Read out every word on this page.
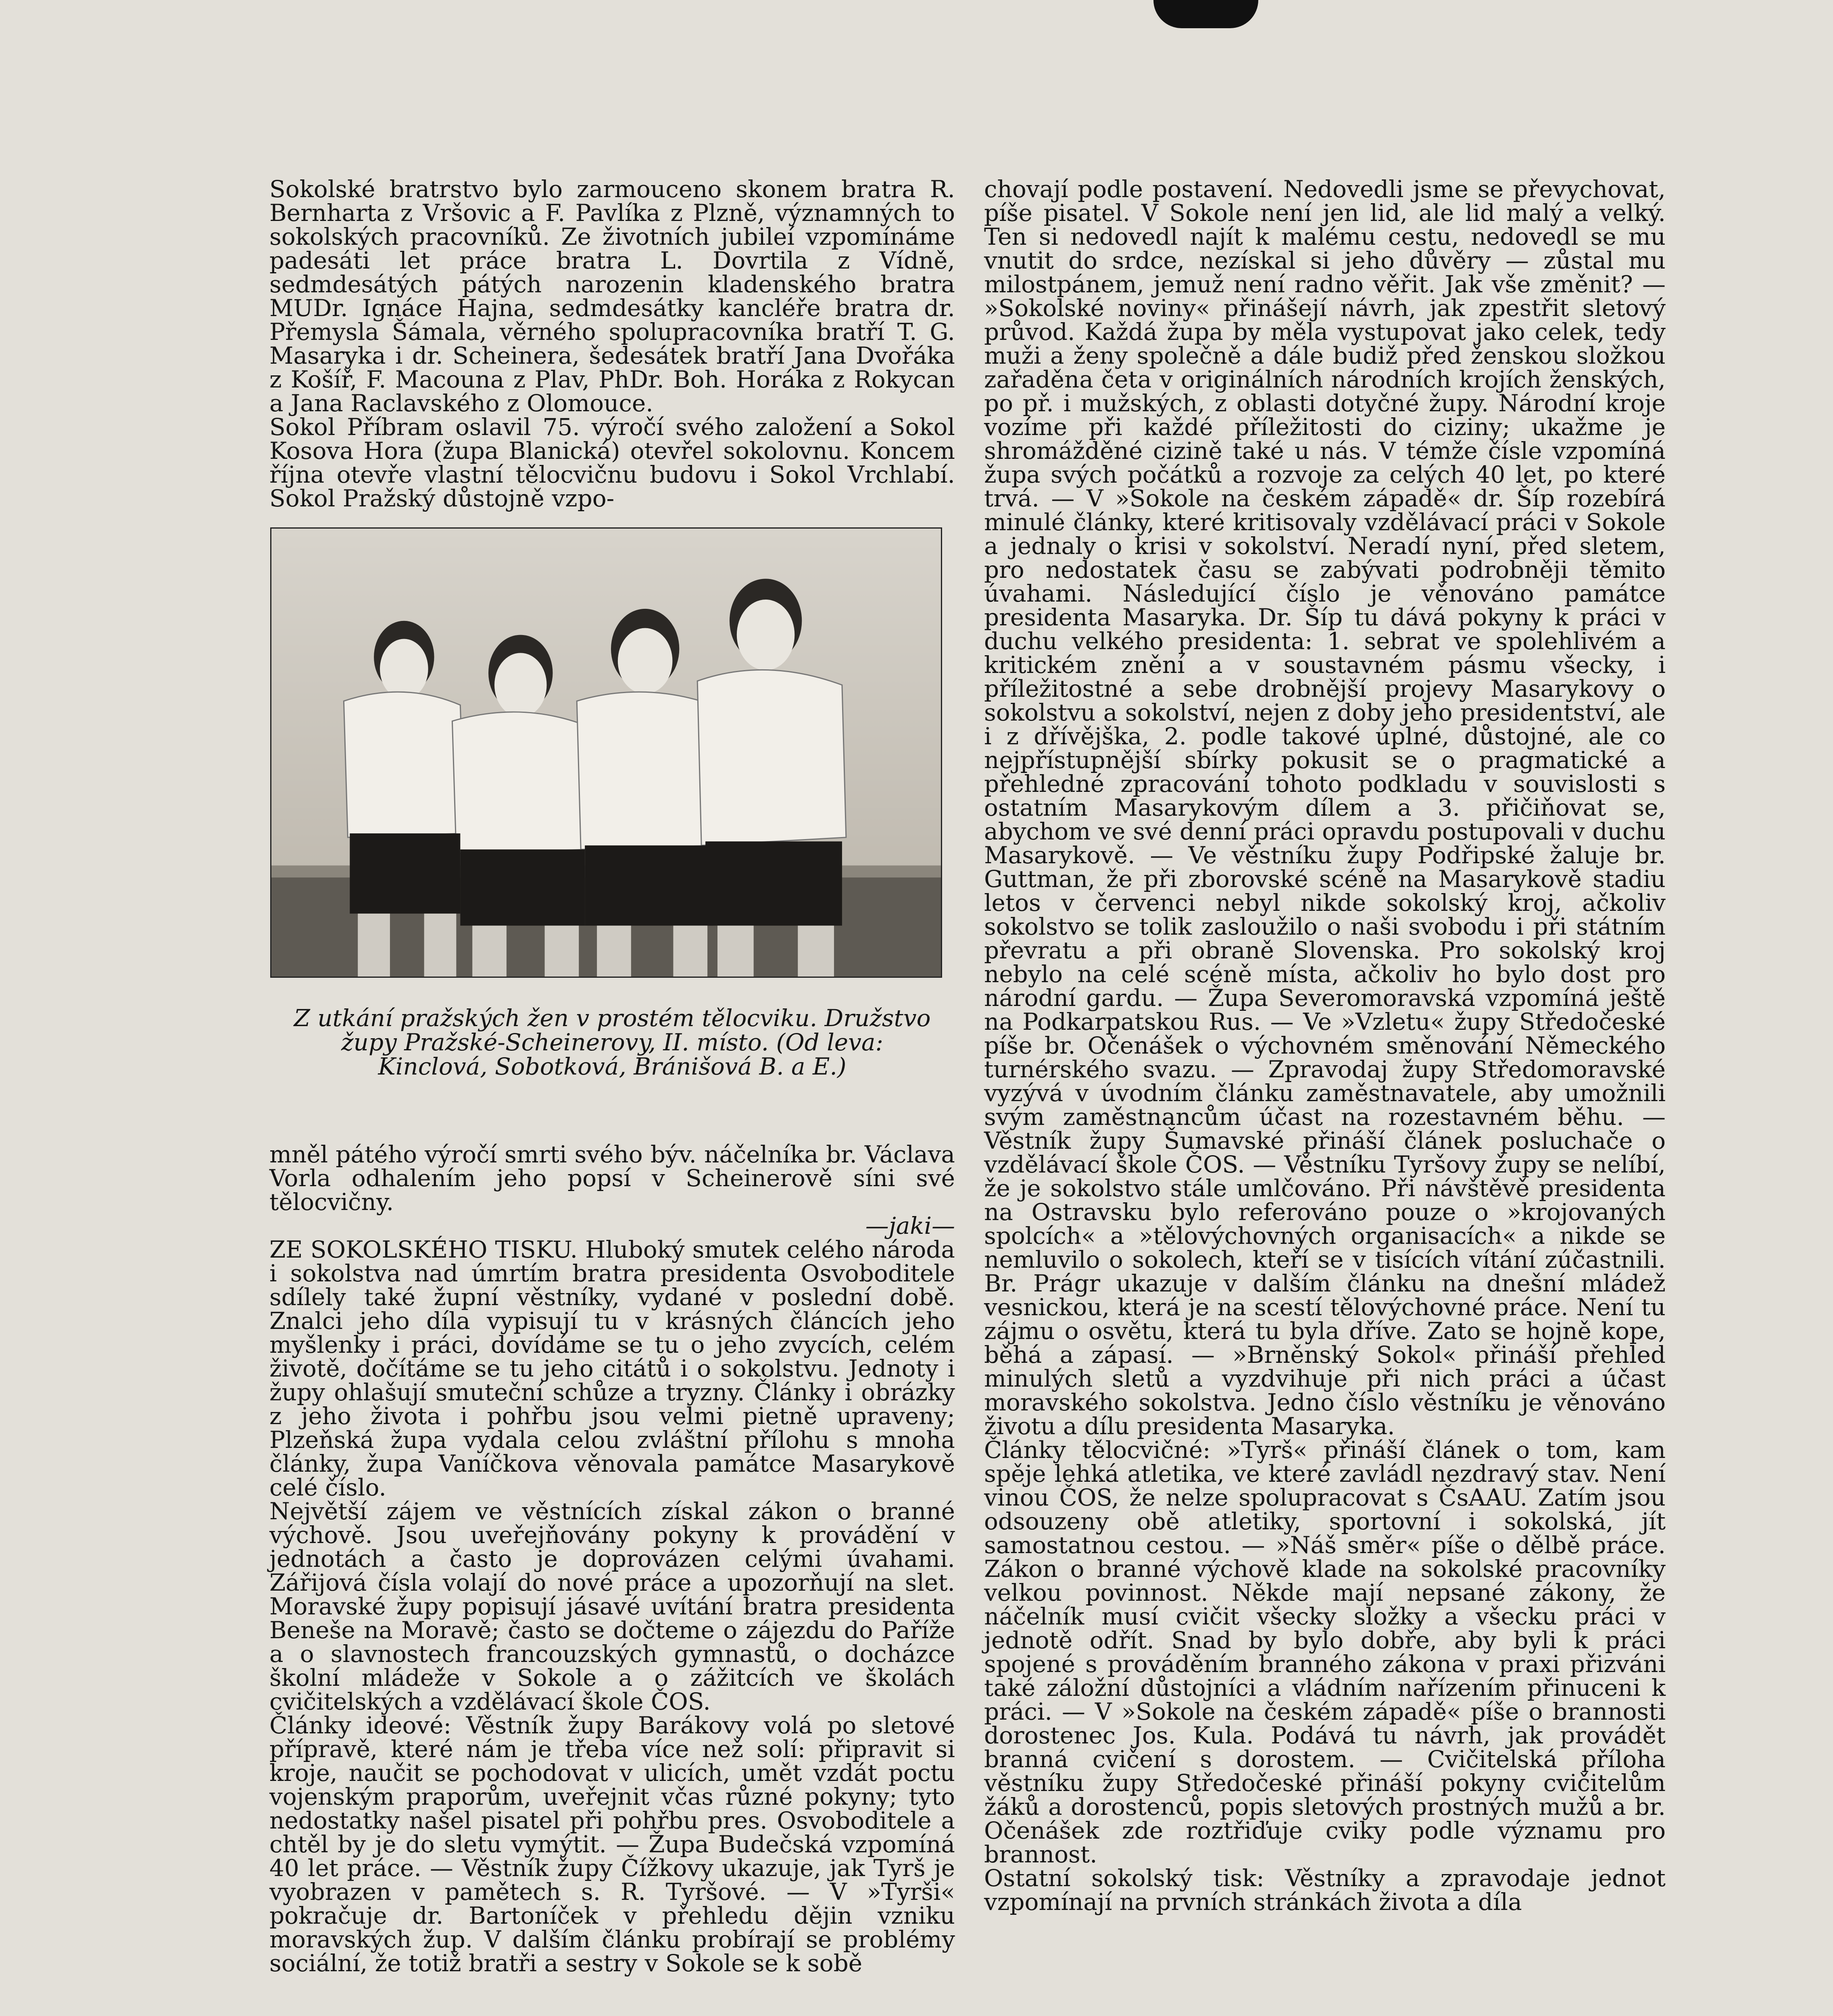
Sokolské bratrstvo bylo zarmouceno skonem bratra R. Bernharta z Vršovic a F. Pavlíka z Plzně, významných to sokolských pracovníků. Ze životních jubileí vzpomínáme padesáti let práce bratra L. Dovrtila z Vídně, sedmdesátých pátých narozenin kladenského bratra MUDr. Ignáce Hajna, sedmdesátky kancléře bratra dr. Přemysla Šámala, věrného spolupracovníka bratří T. G. Masaryka i dr. Scheinera, šedesátek bratří Jana Dvořáka z Košíř, F. Macouna z Plav, PhDr. Boh. Horáka z Rokycan a Jana Raclavského z Olomouce.

Sokol Příbram oslavil 75. výročí svého založení a Sokol Kosova Hora (župa Blanická) otevřel sokolovnu. Koncem října otevře vlastní tělocvičnu budovu i Sokol Vrchlabí. Sokol Pražský důstojně vzpo-

Z utkání pražských žen v prostém tělocviku. Družstvo
župy Pražské-Scheinerovy, II. místo. (Od leva:
Kinclová, Sobotková, Bránišová B. a E.)

mněl pátého výročí smrti svého býv. náčelníka br. Václava Vorla odhalením jeho popsí v Scheinerově síni své tělocvičny.
—jaki—

ZE SOKOLSKÉHO TISKU. Hluboký smutek celého národa i sokolstva nad úmrtím bratra presidenta Osvoboditele sdílely také župní věstníky, vydané v poslední době. Znalci jeho díla vypisují tu v krásných článcích jeho myšlenky i práci, dovídáme se tu o jeho zvycích, celém životě, dočítáme se tu jeho citátů i o sokolstvu. Jednoty i župy ohlašují smuteční schůze a tryzny. Články i obrázky z jeho života i pohřbu jsou velmi pietně upraveny; Plzeňská župa vydala celou zvláštní přílohu s mnoha články, župa Vaníčkova věnovala památce Masarykově celé číslo.

Největší zájem ve věstnících získal zákon o branné výchově. Jsou uveřejňovány pokyny k provádění v jednotách a často je doprovázen celými úvahami. Zářijová čísla volají do nové práce a upozorňují na slet. Moravské župy popisují jásavé uvítání bratra presidenta Beneše na Moravě; často se dočteme o zájezdu do Paříže a o slavnostech francouzských gymnastů, o docházce školní mládeže v Sokole a o zážitcích ve školách cvičitelských a vzdělávací škole ČOS.

Články ideové: Věstník župy Barákovy volá po sletové přípravě, které nám je třeba více než solí: připravit si kroje, naučit se pochodovat v ulicích, umět vzdát poctu vojenským praporům, uveřejnit včas různé pokyny; tyto nedostatky našel pisatel při pohřbu pres. Osvoboditele a chtěl by je do sletu vymýtit. — Župa Budečská vzpomíná 40 let práce. — Věstník župy Čížkovy ukazuje, jak Tyrš je vyobrazen v pamětech s. R. Tyršové. — V »Tyrši« pokračuje dr. Bartoníček v přehledu dějin vzniku moravských žup. V dalším článku probírají se problémy sociální, že totiž bratři a sestry v Sokole se k sobě

chovají podle postavení. Nedovedli jsme se převychovat, píše pisatel. V Sokole není jen lid, ale lid malý a velký. Ten si nedovedl najít k malému cestu, nedovedl se mu vnutit do srdce, nezískal si jeho důvěry — zůstal mu milostpánem, jemuž není radno věřit. Jak vše změnit? — »Sokolské noviny« přinášejí návrh, jak zpestřit sletový průvod. Každá župa by měla vystupovat jako celek, tedy muži a ženy společně a dále budiž před ženskou složkou zařaděna četa v originálních národních krojích ženských, po př. i mužských, z oblasti dotyčné župy. Národní kroje vozíme při každé příležitosti do ciziny; ukažme je shromážděné cizině také u nás. V témže čísle vzpomíná župa svých počátků a rozvoje za celých 40 let, po které trvá. — V »Sokole na českém západě« dr. Šíp rozebírá minulé články, které kritisovaly vzdělávací práci v Sokole a jednaly o krisi v sokolství. Neradí nyní, před sletem, pro nedostatek času se zabývati podrobněji těmito úvahami. Následující číslo je věnováno památce presidenta Masaryka. Dr. Šíp tu dává pokyny k práci v duchu velkého presidenta: 1. sebrat ve spolehlivém a kritickém znění a v soustavném pásmu všecky, i příležitostné a sebe drobnější projevy Masarykovy o sokolstvu a sokolství, nejen z doby jeho presidentství, ale i z dřívějška, 2. podle takové úplné, důstojné, ale co nejpřístupnější sbírky pokusit se o pragmatické a přehledné zpracování tohoto podkladu v souvislosti s ostatním Masarykovým dílem a 3. přičiňovat se, abychom ve své denní práci opravdu postupovali v duchu Masarykově. — Ve věstníku župy Podřipské žaluje br. Guttman, že při zborovské scéně na Masarykově stadiu letos v červenci nebyl nikde sokolský kroj, ačkoliv sokolstvo se tolik zasloužilo o naši svobodu i při státním převratu a při obraně Slovenska. Pro sokolský kroj nebylo na celé scéně místa, ačkoliv ho bylo dost pro národní gardu. — Župa Severomoravská vzpomíná ještě na Podkarpatskou Rus. — Ve »Vzletu« župy Středočeské píše br. Očenášek o výchovném směnování Německého turnérského svazu. — Zpravodaj župy Středomoravské vyzývá v úvodním článku zaměstnavatele, aby umožnili svým zaměstnancům účast na rozestavném běhu. — Věstník župy Šumavské přináší článek posluchače o vzdělávací škole ČOS. — Věstníku Tyršovy župy se nelíbí, že je sokolstvo stále umlčováno. Při návštěvě presidenta na Ostravsku bylo referováno pouze o »krojovaných spolcích« a »tělovýchovných organisacích« a nikde se nemluvilo o sokolech, kteří se v tisících vítání zúčastnili. Br. Prágr ukazuje v dalším článku na dnešní mládež vesnickou, která je na scestí tělovýchovné práce. Není tu zájmu o osvětu, která tu byla dříve. Zato se hojně kope, běhá a zápasí. — »Brněnský Sokol« přináší přehled minulých sletů a vyzdvihuje při nich práci a účast moravského sokolstva. Jedno číslo věstníku je věnováno životu a dílu presidenta Masaryka.

Články tělocvičné: »Tyrš« přináší článek o tom, kam spěje lehká atletika, ve které zavládl nezdravý stav. Není vinou ČOS, že nelze spolupracovat s ČsAAU. Zatím jsou odsouzeny obě atletiky, sportovní i sokolská, jít samostatnou cestou. — »Náš směr« píše o dělbě práce. Zákon o branné výchově klade na sokolské pracovníky velkou povinnost. Někde mají nepsané zákony, že náčelník musí cvičit všecky složky a všecku práci v jednotě odřít. Snad by bylo dobře, aby byli k práci spojené s prováděním branného zákona v praxi přizváni také záložní důstojníci a vládním nařízením přinuceni k práci. — V »Sokole na českém západě« píše o brannosti dorostenec Jos. Kula. Podává tu návrh, jak provádět branná cvičení s dorostem. — Cvičitelská příloha věstníku župy Středočeské přináší pokyny cvičitelům žáků a dorostenců, popis sletových prostných mužů a br. Očenášek zde roztřiďuje cviky podle významu pro brannost.

Ostatní sokolský tisk: Věstníky a zpravodaje jednot vzpomínají na prvních stránkách života a díla
